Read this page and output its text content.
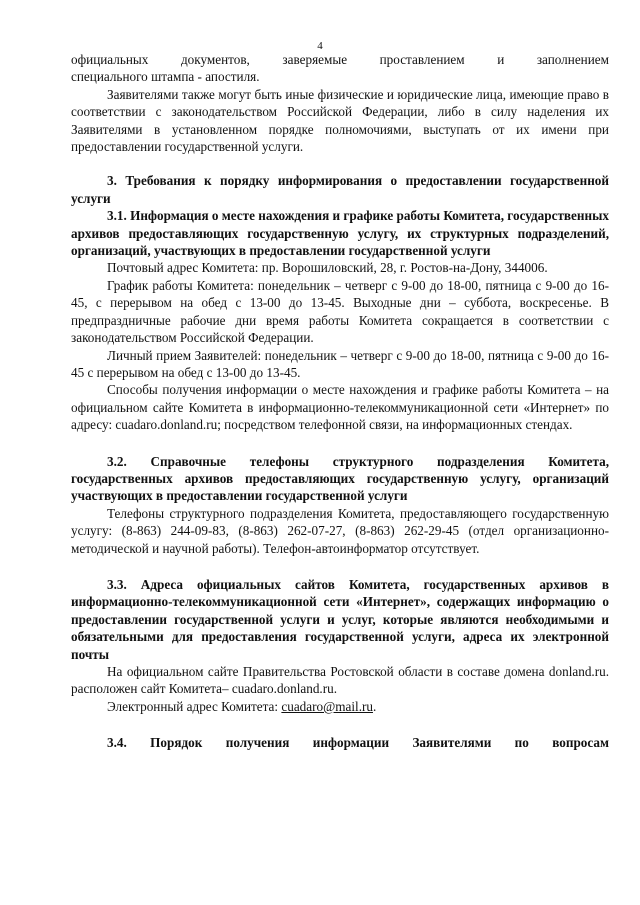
4

официальных документов, заверяемые проставлением и заполнением

специального штампа - апостиля.

Заявителями также могут быть иные физические и юридические лица, имеющие право в соответствии с законодательством Российской Федерации, либо в силу наделения их Заявителями в установленном порядке полномочиями, выступать от их имени при предоставлении государственной услуги.

3. Требования к порядку информирования о предоставлении государственной услуги

3.1. Информация о месте нахождения и графике работы Комитета, государственных архивов предоставляющих государственную услугу, их структурных подразделений, организаций, участвующих в предоставлении государственной услуги

Почтовый адрес Комитета: пр. Ворошиловский, 28, г. Ростов-на-Дону, 344006.

График работы Комитета: понедельник – четверг с 9-00 до 18-00, пятница с 9-00 до 16-45, с перерывом на обед с 13-00 до 13-45. Выходные дни – суббота, воскресенье. В предпраздничные рабочие дни время работы Комитета сокращается в соответствии с законодательством Российской Федерации.

Личный прием Заявителей: понедельник – четверг с 9-00 до 18-00, пятница с 9-00 до 16-45 с перерывом на обед с 13-00 до 13-45.

Способы получения информации о месте нахождения и графике работы Комитета – на официальном сайте Комитета в информационно-телекоммуникационной сети «Интернет» по адресу: cuadaro.donland.ru; посредством телефонной связи, на информационных стендах.

3.2. Справочные телефоны структурного подразделения Комитета, государственных архивов предоставляющих государственную услугу, организаций участвующих в предоставлении государственной услуги

Телефоны структурного подразделения Комитета, предоставляющего государственную услугу: (8-863) 244-09-83, (8-863) 262-07-27, (8-863) 262-29-45 (отдел организационно-методической и научной работы). Телефон-автоинформатор отсутствует.

3.3. Адреса официальных сайтов Комитета, государственных архивов в информационно-телекоммуникационной сети «Интернет», содержащих информацию о предоставлении государственной услуги и услуг, которые являются необходимыми и обязательными для предоставления государственной услуги, адреса их электронной почты

На официальном сайте Правительства Ростовской области в составе домена donland.ru. расположен сайт Комитета– cuadaro.donland.ru.

Электронный адрес Комитета: cuadaro@mail.ru.

3.4. Порядок получения информации Заявителями по вопросам
